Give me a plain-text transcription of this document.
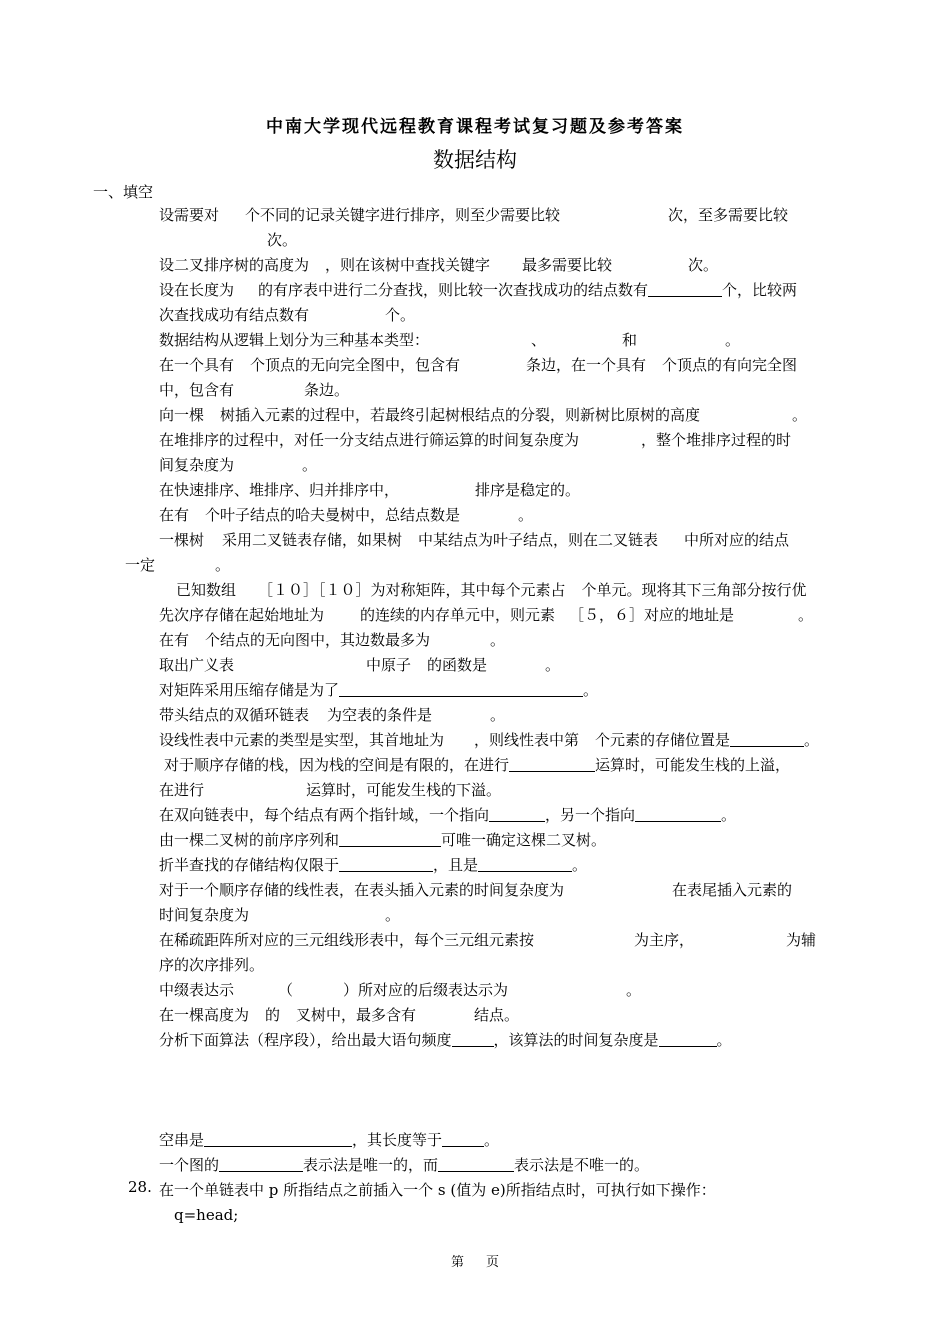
中南大学现代远程教育课程考试复习题及参考答案
数据结构
一、填空
设需要对 个不同的记录关键字进行排序，则至少需要比较	次，至多需要比较
次。
设二叉排序树的高度为 ，则在该树中查找关键字 最多需要比较	次。
设在长度为 的有序表中进行二分查找，则比较一次查找成功的结点数有	个，比较两
次查找成功有结点数有	个。
数据结构从逻辑上划分为三种基本类型：	、	和	。
在一个具有 个顶点的无向完全图中，包含有	条边，在一个具有 个顶点的有向完全图
中，包含有	条边。
向一棵 树插入元素的过程中，若最终引起树根结点的分裂，则新树比原树的高度	。
在堆排序的过程中，对任一分支结点进行筛运算的时间复杂度为	，整个堆排序过程的时
间复杂度为	。
在快速排序、堆排序、归并排序中，	排序是稳定的。
在有 个叶子结点的哈夫曼树中，总结点数是	。
一棵树 采用二叉链表存储，如果树 中某结点为叶子结点，则在二叉链表 中所对应的结点
一定	。
已知数组 ［１０］［１０］为对称矩阵，其中每个元素占 个单元。现将其下三角部分按行优
先次序存储在起始地址为 的连续的内存单元中，则元素 ［５，６］对应的地址是	。
在有 个结点的无向图中，其边数最多为	。
取出广义表	中原子 的函数是	。
对矩阵采用压缩存储是为了	。
带头结点的双循环链表 为空表的条件是	。
设线性表中元素的类型是实型，其首地址为 ，则线性表中第 个元素的存储位置是	。
对于顺序存储的栈，因为栈的空间是有限的，在进行	运算时，可能发生栈的上溢，
在进行	运算时，可能发生栈的下溢。
在双向链表中，每个结点有两个指针域，一个指向	，另一个指向	。
由一棵二叉树的前序序列和	可唯一确定这棵二叉树。
折半查找的存储结构仅限于	，且是	。
对于一个顺序存储的线性表，在表头插入元素的时间复杂度为	在表尾插入元素的
时间复杂度为	。
在稀疏距阵所对应的三元组线形表中，每个三元组元素按	为主序，	为辅
序的次序排列。
中缀表达示	（	）所对应的后缀表达示为	。
在一棵高度为 的 叉树中，最多含有	结点。
分析下面算法（程序段），给出最大语句频度	，该算法的时间复杂度是	。
空串是	，其长度等于	。
一个图的	表示法是唯一的，而	表示法是不唯一的。
28. 在一个单链表中 p 所指结点之前插入一个 s (值为 e)所指结点时，可执行如下操作：
q=head;
第 页
